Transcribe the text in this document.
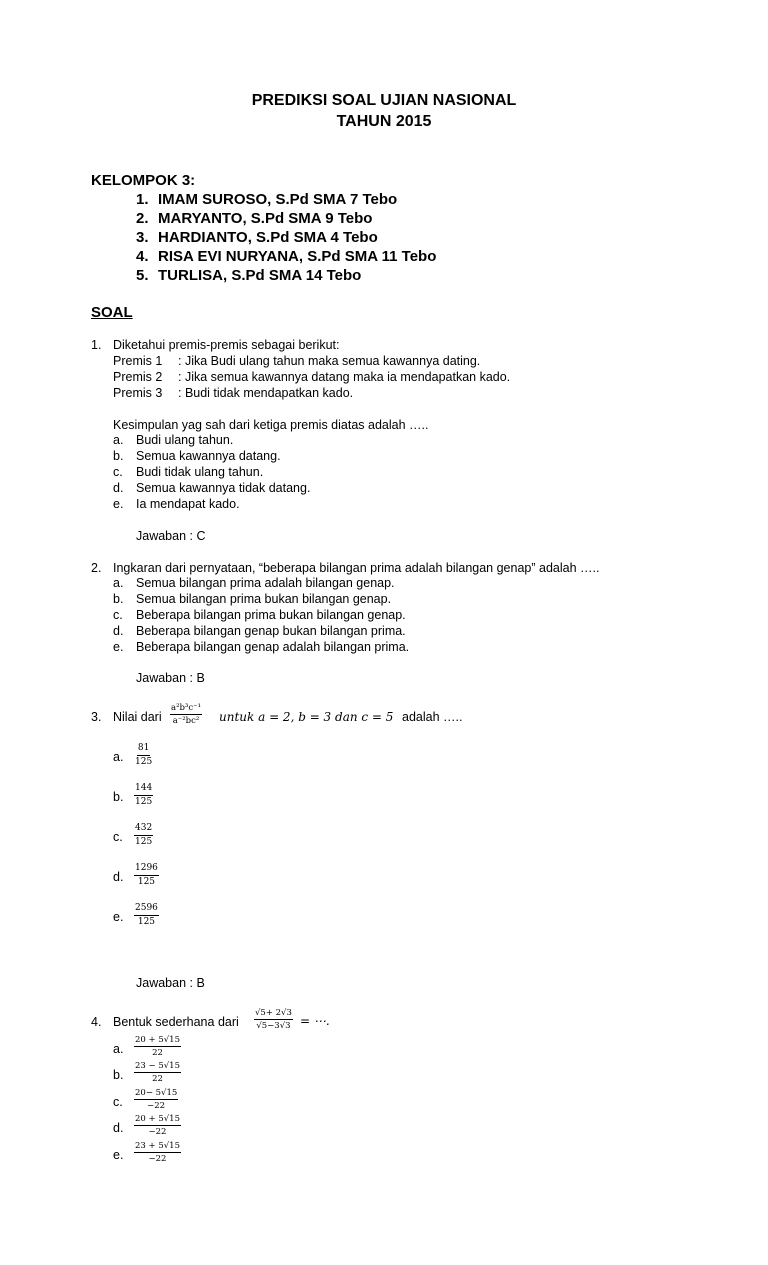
PREDIKSI SOAL UJIAN NASIONAL
TAHUN 2015
KELOMPOK 3:
1. IMAM SUROSO, S.Pd SMA 7 Tebo
2. MARYANTO, S.Pd SMA 9 Tebo
3. HARDIANTO, S.Pd SMA 4 Tebo
4. RISA EVI NURYANA, S.Pd SMA 11 Tebo
5. TURLISA, S.Pd SMA 14 Tebo
SOAL
1. Diketahui premis-premis sebagai berikut:
Premis 1 : Jika Budi ulang tahun maka semua kawannya dating.
Premis 2 : Jika semua kawannya datang maka ia mendapatkan kado.
Premis 3 : Budi tidak mendapatkan kado.
Kesimpulan yag sah dari ketiga premis diatas adalah …..
a. Budi ulang tahun.
b. Semua kawannya datang.
c. Budi tidak ulang tahun.
d. Semua kawannya tidak datang.
e. Ia mendapat kado.
Jawaban : C
2. Ingkaran dari pernyataan, “beberapa bilangan prima adalah bilangan genap” adalah …..
a. Semua bilangan prima adalah bilangan genap.
b. Semua bilangan prima bukan bilangan genap.
c. Beberapa bilangan prima bukan bilangan genap.
d. Beberapa bilangan genap bukan bilangan prima.
e. Beberapa bilangan genap adalah bilangan prima.
Jawaban : B
3. Nilai dari $\frac{\text{a²b³c⁻¹}}{\text{a⁻²bc²}}$ untuk a = 2, b = 3 dan c = 5 adalah …..
a. $\frac{81}{125}$
b. $\frac{144}{125}$
c. $\frac{432}{125}$
d. $\frac{1296}{125}$
e. $\frac{2596}{125}$
Jawaban : B
4. Bentuk sederhana dari $\frac{√5+ 2√3}{√5-3√3}$ = ⋯.
a. $\frac{20 + 5√15}{22}$
b. $\frac{23 - 5√15}{22}$
c. $\frac{20- 5√15}{-22}$
d. $\frac{20 + 5√15}{-22}$
e. $\frac{23 + 5√15}{-22}$
